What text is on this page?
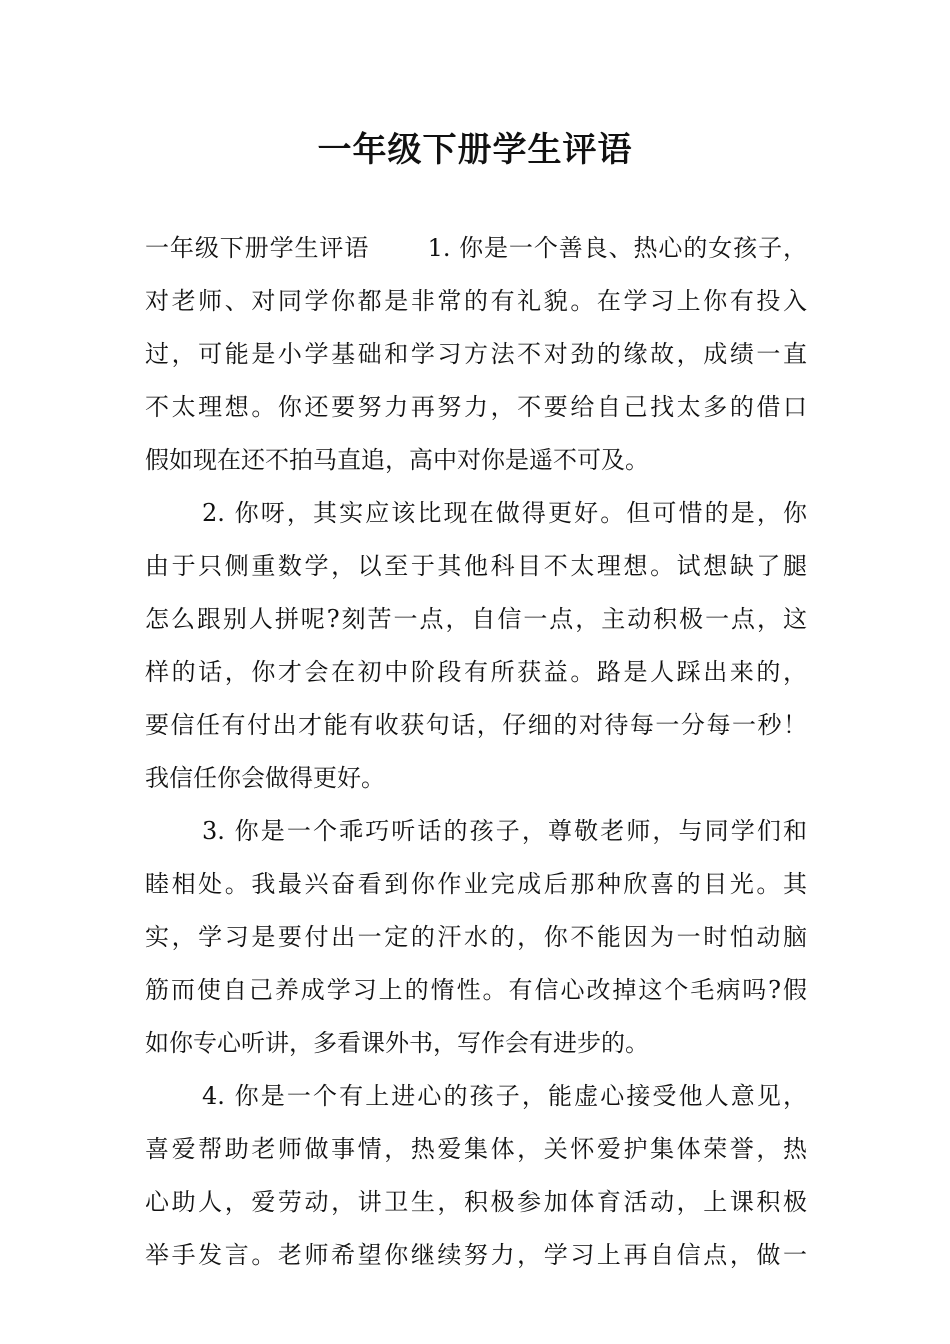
一年级下册学生评语
一年级下册学生评语　　 1. 你是一个善良、热心的女孩子，
对老师、对同学你都是非常的有礼貌。在学习上你有投入
过，可能是小学基础和学习方法不对劲的缘故，成绩一直
不太理想。你还要努力再努力，不要给自己找太多的借口
假如现在还不拍马直追，高中对你是遥不可及。
2. 你呀，其实应该比现在做得更好。但可惜的是，你
由于只侧重数学，以至于其他科目不太理想。试想缺了腿
怎么跟别人拼呢?刻苦一点，自信一点，主动积极一点，这
样的话，你才会在初中阶段有所获益。路是人踩出来的，
要信任有付出才能有收获句话，仔细的对待每一分每一秒！
我信任你会做得更好。
3. 你是一个乖巧听话的孩子，尊敬老师，与同学们和
睦相处。我最兴奋看到你作业完成后那种欣喜的目光。其
实，学习是要付出一定的汗水的，你不能因为一时怕动脑
筋而使自己养成学习上的惰性。有信心改掉这个毛病吗?假
如你专心听讲，多看课外书，写作会有进步的。
4. 你是一个有上进心的孩子，能虚心接受他人意见，
喜爱帮助老师做事情，热爱集体，关怀爱护集体荣誉，热
心助人，爱劳动，讲卫生，积极参加体育活动，上课积极
举手发言。老师希望你继续努力，学习上再自信点，做一
